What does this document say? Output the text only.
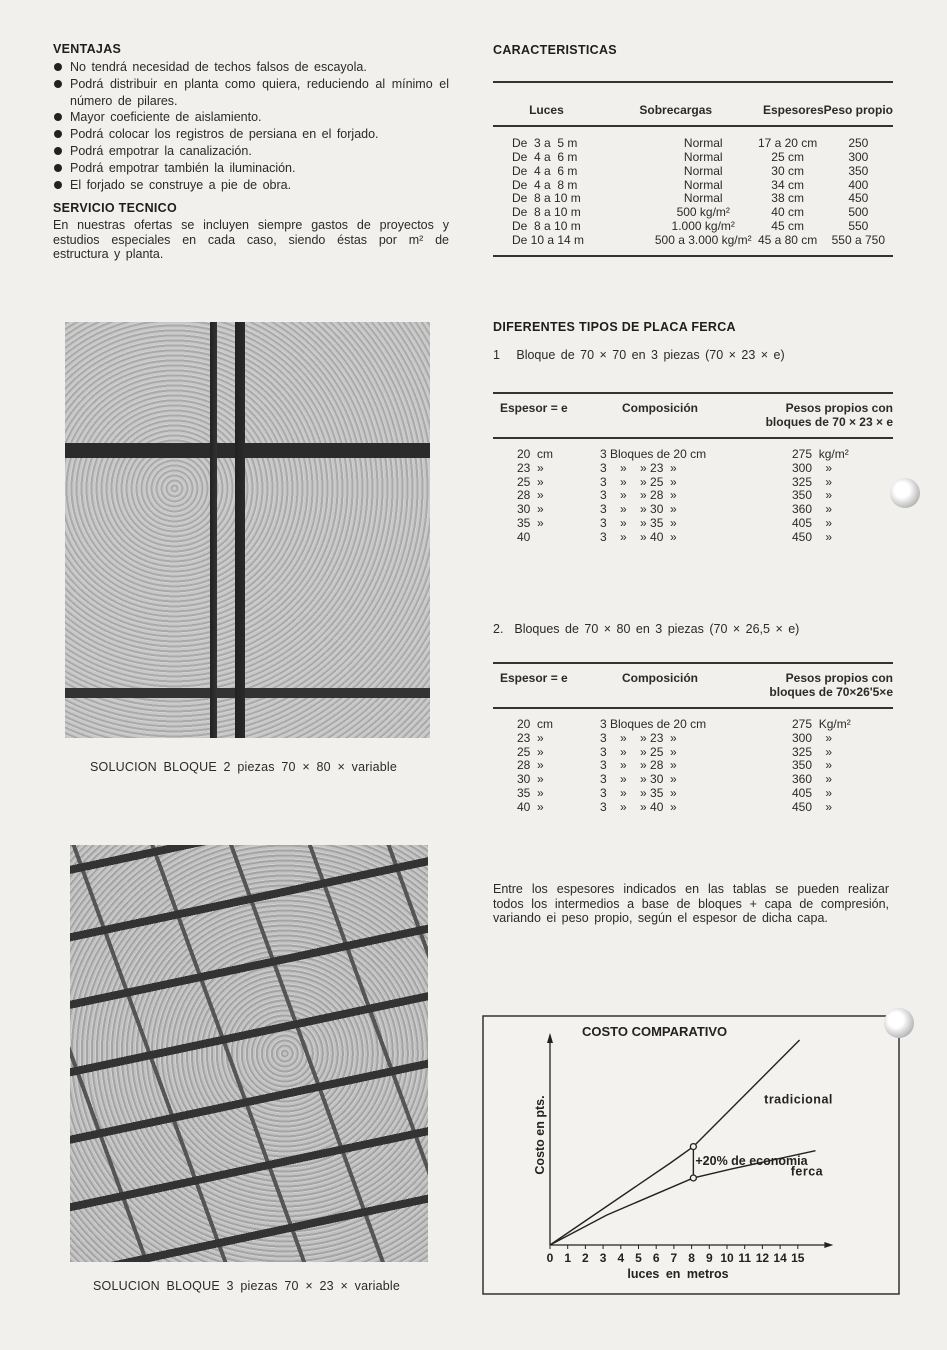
VENTAJAS
No tendrá necesidad de techos falsos de escayola.
Podrá distribuir en planta como quiera, reduciendo al mínimo el número de pilares.
Mayor coeficiente de aislamiento.
Podrá colocar los registros de persiana en el forjado.
Podrá empotrar la canalización.
Podrá empotrar también la iluminación.
El forjado se construye a pie de obra.
SERVICIO TECNICO

En nuestras ofertas se incluyen siempre gastos de proyectos y estudios especiales en cada caso, siendo éstas por m² de estructura y planta.

CARACTERISTICAS
Luces	Sobrecargas	Espesores	Peso propio
De  3 a  5 m	Normal	17 a 20 cm	250
De  4 a  6 m	Normal	25 cm	300
De  4 a  6 m	Normal	30 cm	350
De  4 a  8 m	Normal	34 cm	400
De  8 a 10 m	Normal	38 cm	450
De  8 a 10 m	500 kg/m²	40 cm	500
De  8 a 10 m	1.000 kg/m²	45 cm	550
De 10 a 14 m	500 a 3.000 kg/m²	45 a 80 cm	550 a 750
DIFERENTES TIPOS DE PLACA FERCA
1   Bloque de 70 × 70 en 3 piezas (70 × 23 × e)
Espesor = e	Composición	Pesos propios con
bloques de 70 × 23 × e
20  cm	3 Bloques de 20 cm	275  kg/m²
23  »	3    »    » 23  »	300    »
25  »	3    »    » 25  »	325    »
28  »	3    »    » 28  »	350    »
30  »	3    »    » 30  »	360    »
35  »	3    »    » 35  »	405    »
40	3    »    » 40  »	450    »
2.  Bloques de 70 × 80 en 3 piezas (70 × 26,5 × e)
Espesor = e	Composición	Pesos propios con
bloques de 70×26'5×e
20  cm	3 Bloques de 20 cm	275  Kg/m²
23  »	3    »    » 23  »	300    »
25  »	3    »    » 25  »	325    »
28  »	3    »    » 28  »	350    »
30  »	3    »    » 30  »	360    »
35  »	3    »    » 35  »	405    »
40  »	3    »    » 40  »	450    »

Entre los espesores indicados en las tablas se pueden realizar todos los intermedios a base de bloques + capa de compresión, variando ei peso propio, según el espesor de dicha capa.

SOLUCION BLOQUE 2 piezas 70 × 80 × variable
SOLUCION BLOQUE 3 piezas 70 × 23 × variable
COSTO COMPARATIVO
Costo en pts.
luces en metros
0 1 2 3 4 5 6 7 8 9 10 11 12 14 15
tradicional
ferca
+20% de economia
